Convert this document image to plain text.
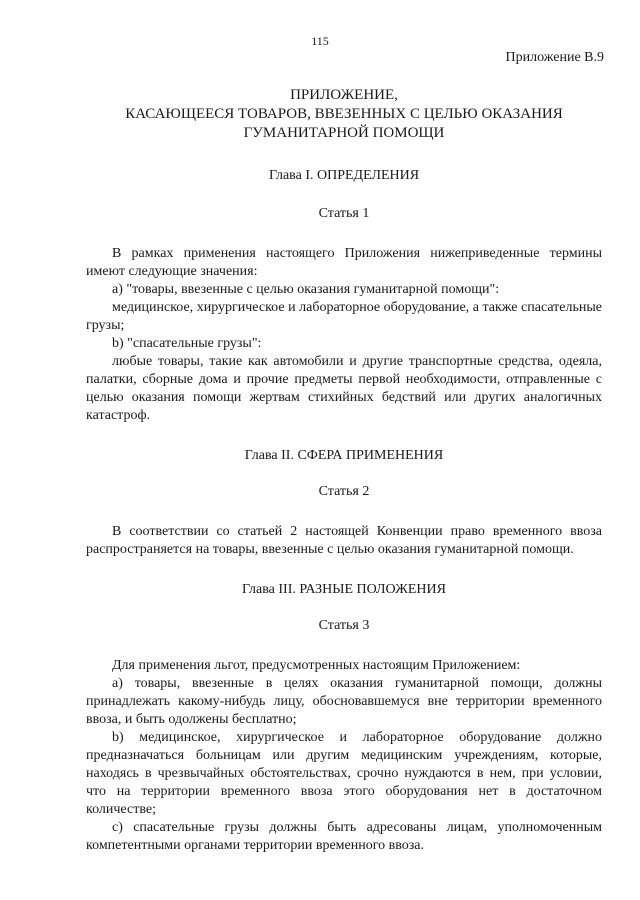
115
Приложение B.9
ПРИЛОЖЕНИЕ,
КАСАЮЩЕЕСЯ ТОВАРОВ, ВВЕЗЕННЫХ С ЦЕЛЬЮ ОКАЗАНИЯ
ГУМАНИТАРНОЙ ПОМОЩИ
Глава I. ОПРЕДЕЛЕНИЯ
Статья 1

В рамках применения настоящего Приложения нижеприведенные термины имеют следующие значения:

а) "товары, ввезенные с целью оказания гуманитарной помощи":

медицинское, хирургическое и лабораторное оборудование, а также спасательные грузы;

b) "спасательные грузы":

любые товары, такие как автомобили и другие транспортные средства, одеяла, палатки, сборные дома и прочие предметы первой необходимости, отправленные с целью оказания помощи жертвам стихийных бедствий или других аналогичных катастроф.

Глава II. СФЕРА ПРИМЕНЕНИЯ
Статья 2

В соответствии со статьей 2 настоящей Конвенции право временного ввоза распространяется на товары, ввезенные с целью оказания гуманитарной помощи.

Глава III. РАЗНЫЕ ПОЛОЖЕНИЯ
Статья 3

Для применения льгот, предусмотренных настоящим Приложением:

а) товары, ввезенные в целях оказания гуманитарной помощи, должны принадлежать какому-нибудь лицу, обосновавшемуся вне территории временного ввоза, и быть одолжены бесплатно;

b) медицинское, хирургическое и лабораторное оборудование должно предназначаться больницам или другим медицинским учреждениям, которые, находясь в чрезвычайных обстоятельствах, срочно нуждаются в нем, при условии, что на территории временного ввоза этого оборудования нет в достаточном количестве;

с) спасательные грузы должны быть адресованы лицам, уполномоченным компетентными органами территории временного ввоза.
